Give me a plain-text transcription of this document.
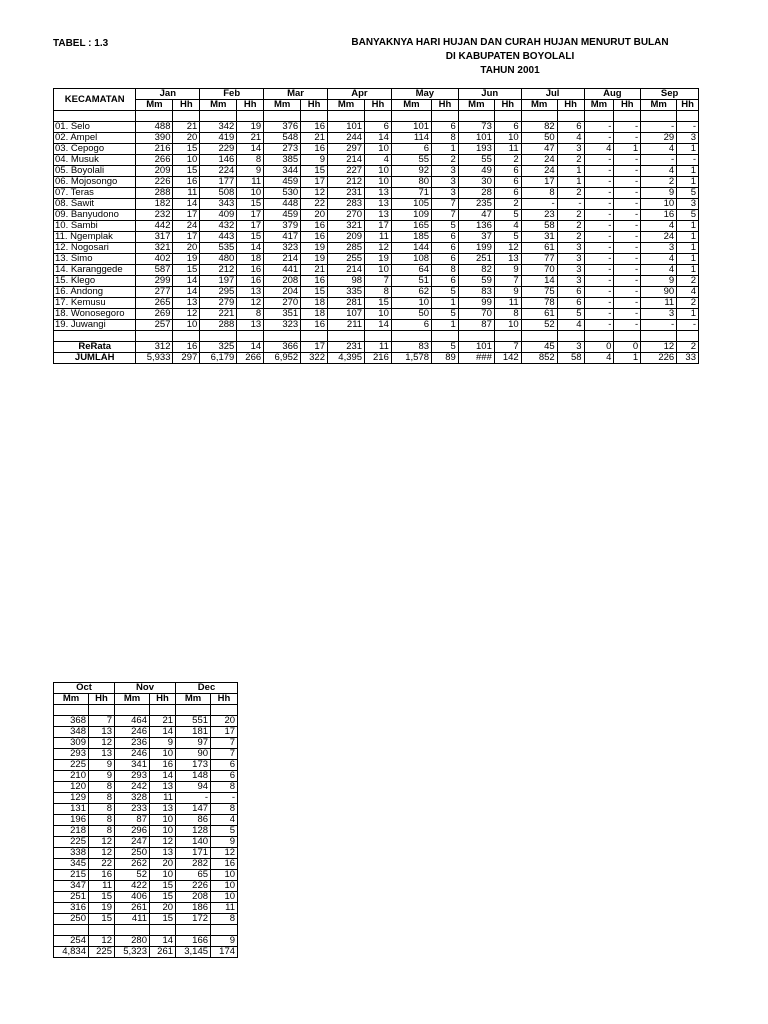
TABEL : 1.3	BANYAKNYA HARI HUJAN DAN CURAH HUJAN MENURUT BULAN
DI KABUPATEN BOYOLALI
TAHUN 2001
KECAMATAN	Jan		Feb		Mar		Apr		May		Jun		Jul		Aug		Sep	
	Mm	Hh	Mm	Hh	Mm	Hh	Mm	Hh	Mm	Hh	Mm	Hh	Mm	Hh	Mm	Hh	Mm	Hh

01. Selo	488	21	342	19	376	16	101	6	101	6	73	6	82	6	-	-	-	-
02. Ampel	390	20	419	21	548	21	244	14	114	8	101	10	50	4	-	-	29	3
03. Cepogo	216	15	229	14	273	16	297	10	6	1	193	11	47	3	4	1	4	1
04. Musuk	266	10	146	8	385	9	214	4	55	2	55	2	24	2	-	-	-	-
05. Boyolali	209	15	224	9	344	15	227	10	92	3	49	6	24	1	-	-	4	1
06. Mojosongo	226	16	177	11	459	17	212	10	80	3	30	6	17	1	-	-	2	1
07. Teras	288	11	508	10	530	12	231	13	71	3	28	6	8	2	-	-	9	5
08. Sawit	182	14	343	15	448	22	283	13	105	7	235	2	-	-	-	-	10	3
09. Banyudono	232	17	409	17	459	20	270	13	109	7	47	5	23	2	-	-	16	5
10. Sambi	442	24	432	17	379	16	321	17	165	5	136	4	58	2	-	-	4	1
11. Ngemplak	317	17	443	15	417	16	209	11	185	6	37	5	31	2	-	-	24	1
12. Nogosari	321	20	535	14	323	19	285	12	144	6	199	12	61	3	-	-	3	1
13. Simo	402	19	480	18	214	19	255	19	108	6	251	13	77	3	-	-	4	1
14. Karanggede	587	15	212	16	441	21	214	10	64	8	82	9	70	3	-	-	4	1
15. Klego	299	14	197	16	208	16	98	7	51	6	59	7	14	3	-	-	9	2
16. Andong	277	14	295	13	204	15	335	8	62	5	83	9	75	6	-	-	90	4
17. Kemusu	265	13	279	12	270	18	281	15	10	1	99	11	78	6	-	-	11	2
18. Wonosegoro	269	12	221	8	351	18	107	10	50	5	70	8	61	5	-	-	3	1
19. Juwangi	257	10	288	13	323	16	211	14	6	1	87	10	52	4	-	-	-	-

ReRata	312	16	325	14	366	17	231	11	83	5	101	7	45	3	0	0	12	2
JUMLAH	5,933	297	6,179	266	6,952	322	4,395	216	1,578	89	###	142	852	58	4	1	226	33
Oct		Nov		Dec	
Mm	Hh	Mm	Hh	Mm	Hh

368	7	464	21	551	20
348	13	246	14	181	17
309	12	236	9	97	7
293	13	246	10	90	7
225	9	341	16	173	6
210	9	293	14	148	6
120	8	242	13	94	8
129	8	328	11	-	-
131	8	233	13	147	8
196	8	87	10	86	4
218	8	296	10	128	5
225	12	247	12	140	9
338	12	250	13	171	12
345	22	262	20	282	16
215	16	52	10	65	10
347	11	422	15	226	10
251	15	406	15	208	10
316	19	261	20	186	11
250	15	411	15	172	8

254	12	280	14	166	9
4,834	225	5,323	261	3,145	174
